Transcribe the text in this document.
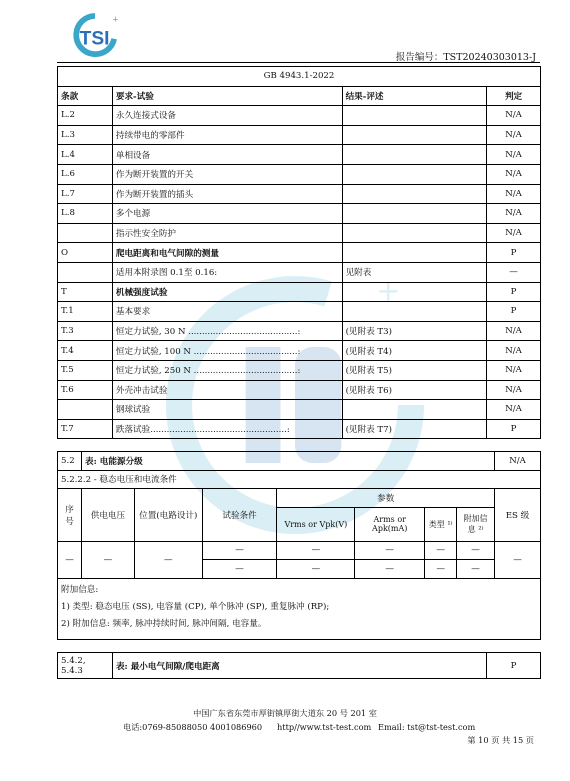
+
TSI
+
报告编号：TST20240303013-J
GB 4943.1-2022			
条款	要求-试验	结果-评述	判定
L.2	永久连接式设备		N/A
L.3	持续带电的零部件		N/A
L.4	单相设备		N/A
L.6	作为断开装置的开关		N/A
L.7	作为断开装置的插头		N/A
L.8	多个电源		N/A
	指示性安全防护		N/A
O	爬电距离和电气间隙的测量		P
	适用本附录图 0.1至 0.16:	见附表	—
T	机械强度试验		P
T.1	基本要求		P
T.3	恒定力试验, 30 N ........................................:	(见附表 T3)	N/A
T.4	恒定力试验, 100 N ......................................:	(见附表 T4)	N/A
T.5	恒定力试验, 250 N ......................................:	(见附表 T5)	N/A
T.6	外壳冲击试验	(见附表 T6)	N/A
	钢球试验		N/A
T.7	跌落试验..................................................:	(见附表 T7)	P
5.2	表: 电能源分级							N/A
5.2.2.2 - 稳态电压和电流条件								
序号	供电电压	位置(电路设计)	试验条件	参数				ES 级
				Vrms or Vpk(V)	Arms or Apk(mA)	类型 ¹⁾	附加信息 ²⁾	
—	—	—	—	—	—	—	—	—
			—	—	—	—	—	

附加信息:
1) 类型: 稳态电压 (SS), 电容量 (CP), 单个脉冲 (SP), 重复脉冲 (RP);
2) 附加信息: 频率, 脉冲持续时间, 脉冲间隔, 电容量。								
5.4.2, 5.4.3	表: 最小电气间隙/爬电距离	P
中国广东省东莞市厚街镇厚街大道东 20 号 201 室
电话:0769-85088050 4001086960 http//www.tst-test.com Email: tst@tst-test.com
第 10 页 共 15 页
